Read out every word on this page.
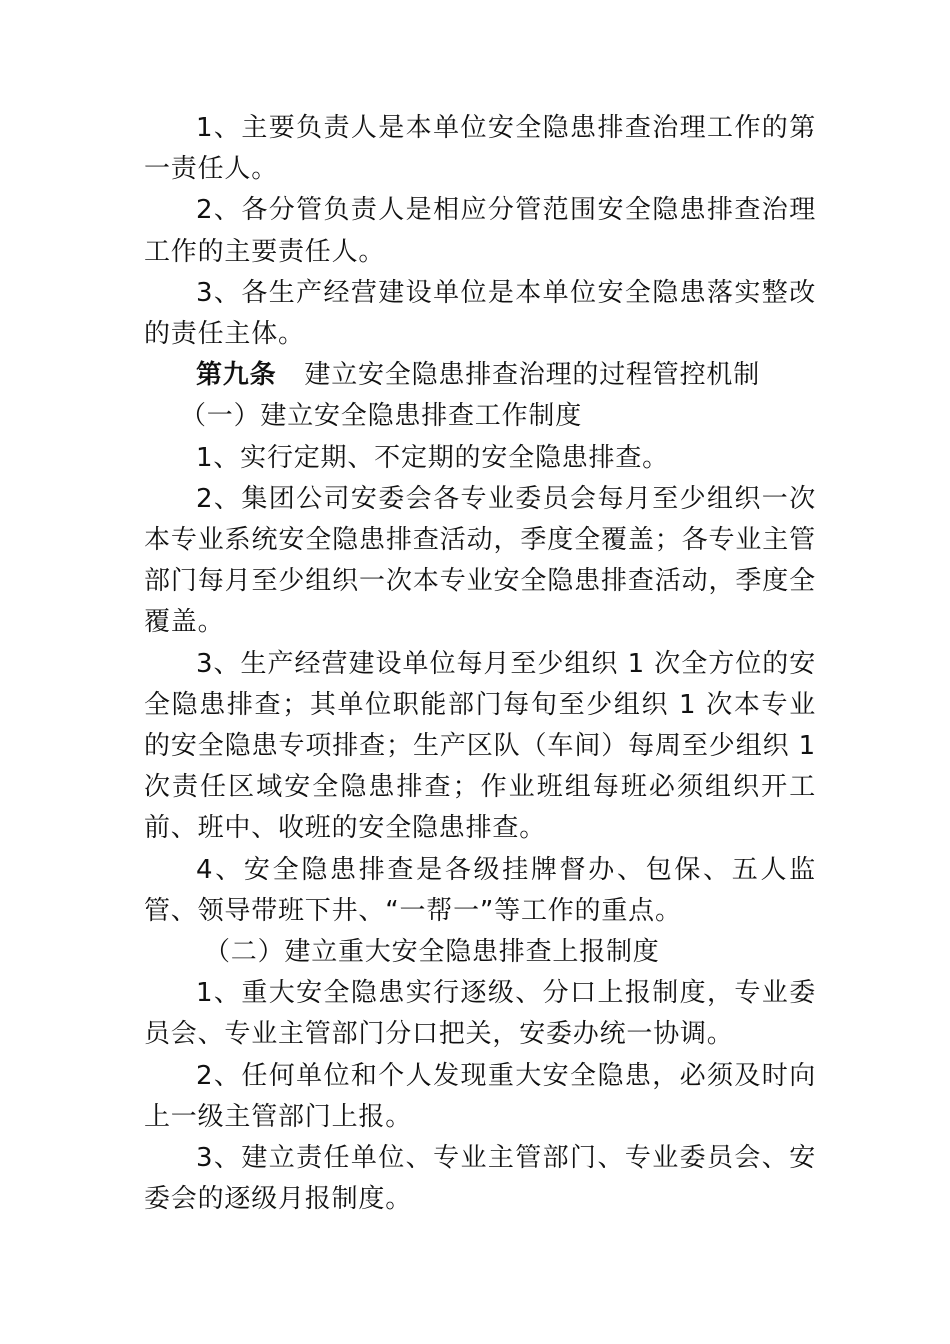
1、主要负责人是本单位安全隐患排查治理工作的第一责任人。

2、各分管负责人是相应分管范围安全隐患排查治理工作的主要责任人。

3、各生产经营建设单位是本单位安全隐患落实整改的责任主体。

第九条 建立安全隐患排查治理的过程管控机制

（一）建立安全隐患排查工作制度

1、实行定期、不定期的安全隐患排查。

2、集团公司安委会各专业委员会每月至少组织一次本专业系统安全隐患排查活动，季度全覆盖；各专业主管部门每月至少组织一次本专业安全隐患排查活动，季度全覆盖。

3、生产经营建设单位每月至少组织 1 次全方位的安全隐患排查；其单位职能部门每旬至少组织 1 次本专业的安全隐患专项排查；生产区队（车间）每周至少组织 1 次责任区域安全隐患排查；作业班组每班必须组织开工前、班中、收班的安全隐患排查。

4、安全隐患排查是各级挂牌督办、包保、五人监管、领导带班下井、“一帮一”等工作的重点。

（二）建立重大安全隐患排查上报制度

1、重大安全隐患实行逐级、分口上报制度，专业委员会、专业主管部门分口把关，安委办统一协调。

2、任何单位和个人发现重大安全隐患，必须及时向上一级主管部门上报。

3、建立责任单位、专业主管部门、专业委员会、安委会的逐级月报制度。
